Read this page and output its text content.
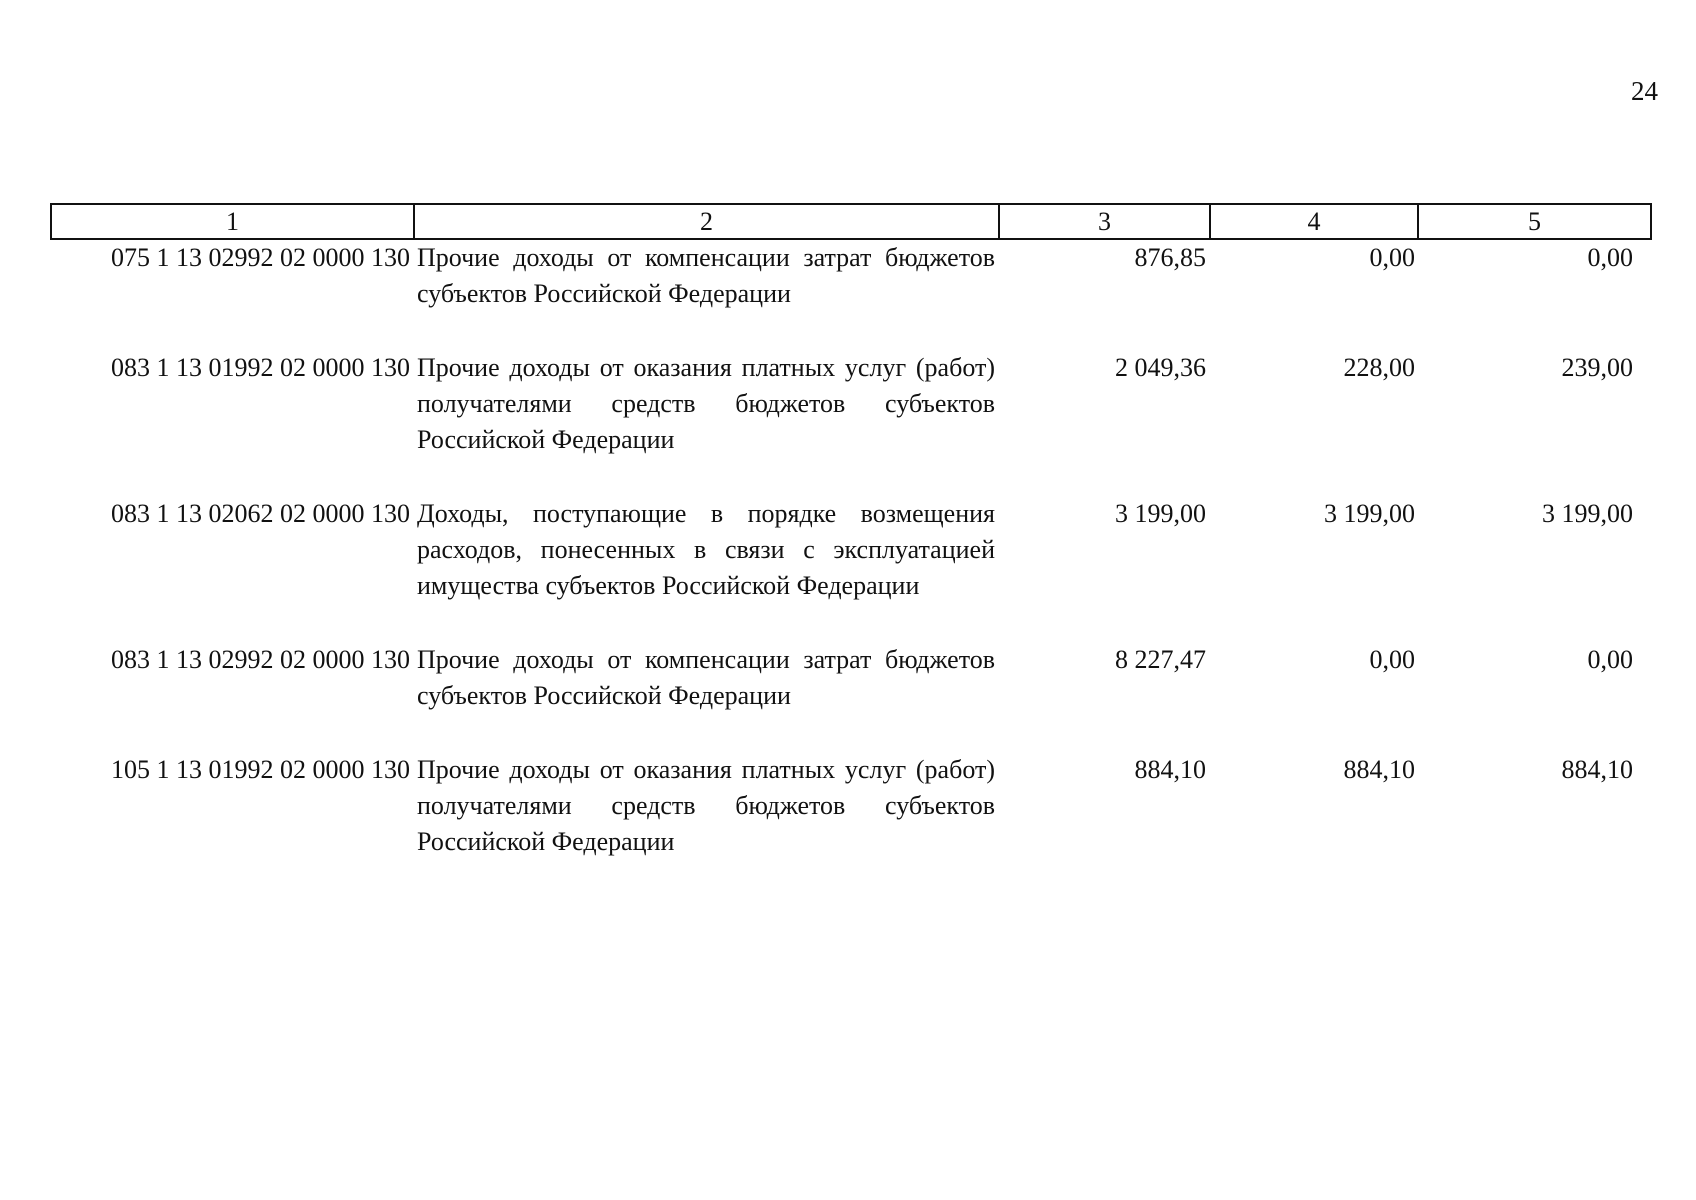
24
1	2	3	4	5
075 1 13 02992 02 0000 130	Прочие доходы от компенсации затрат бюджетов субъектов Российской Федерации	876,85	0,00	0,00
083 1 13 01992 02 0000 130	Прочие доходы от оказания платных услуг (работ) получателями средств бюджетов субъектов Российской Федерации	2 049,36	228,00	239,00
083 1 13 02062 02 0000 130	Доходы, поступающие в порядке возмещения расходов, понесенных в связи с эксплуатацией имущества субъектов Российской Федерации	3 199,00	3 199,00	3 199,00
083 1 13 02992 02 0000 130	Прочие доходы от компенсации затрат бюджетов субъектов Российской Федерации	8 227,47	0,00	0,00
105 1 13 01992 02 0000 130	Прочие доходы от оказания платных услуг (работ) получателями средств бюджетов субъектов Российской Федерации	884,10	884,10	884,10
